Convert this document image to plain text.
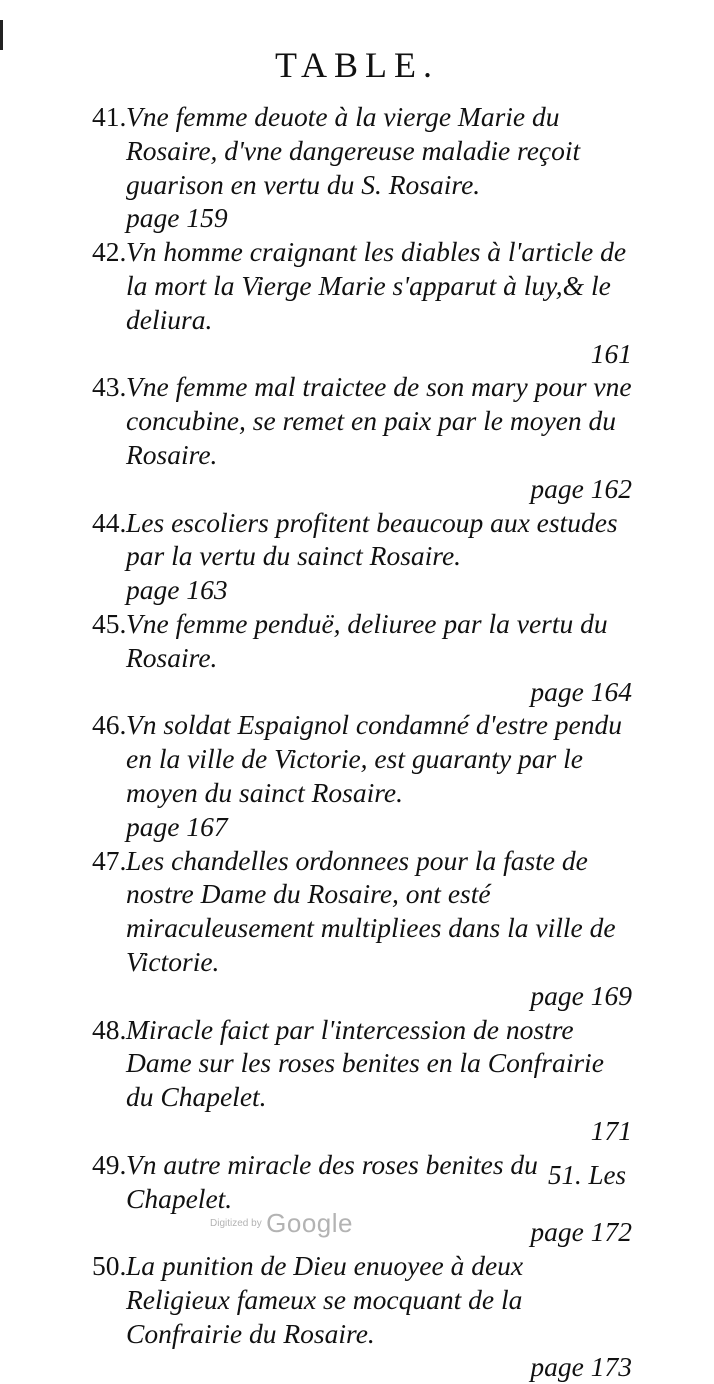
TABLE.
41. Vne femme deuote à la vierge Marie du Rosaire, d'vne dangereuse maladie reçoit guarison en vertu du S. Rosaire.
page 159
42. Vn homme craignant les diables à l'article de la mort la Vierge Marie s'apparut à luy,& le deliura.
161
43. Vne femme mal traictee de son mary pour vne concubine, se remet en paix par le moyen du Rosaire.
page 162
44. Les escoliers profitent beaucoup aux estudes par la vertu du sainct Rosaire.
page 163
45. Vne femme penduë, deliuree par la vertu du Rosaire.
page 164
46. Vn soldat Espaignol condamné d'estre pendu en la ville de Victorie, est guaranty par le moyen du sainct Rosaire.
page 167
47. Les chandelles ordonnees pour la faste de nostre Dame du Rosaire, ont esté miraculeusement multipliees dans la ville de Victorie.
page 169
48. Miracle faict par l'intercession de nostre Dame sur les roses benites en la Confrairie du Chapelet.
171
49. Vn autre miracle des roses benites du Chapelet.
page 172
50. La punition de Dieu enuoyee à deux Religieux fameux se mocquant de la Confrairie du Rosaire.
page 173
51. Les
Digitized by Google
